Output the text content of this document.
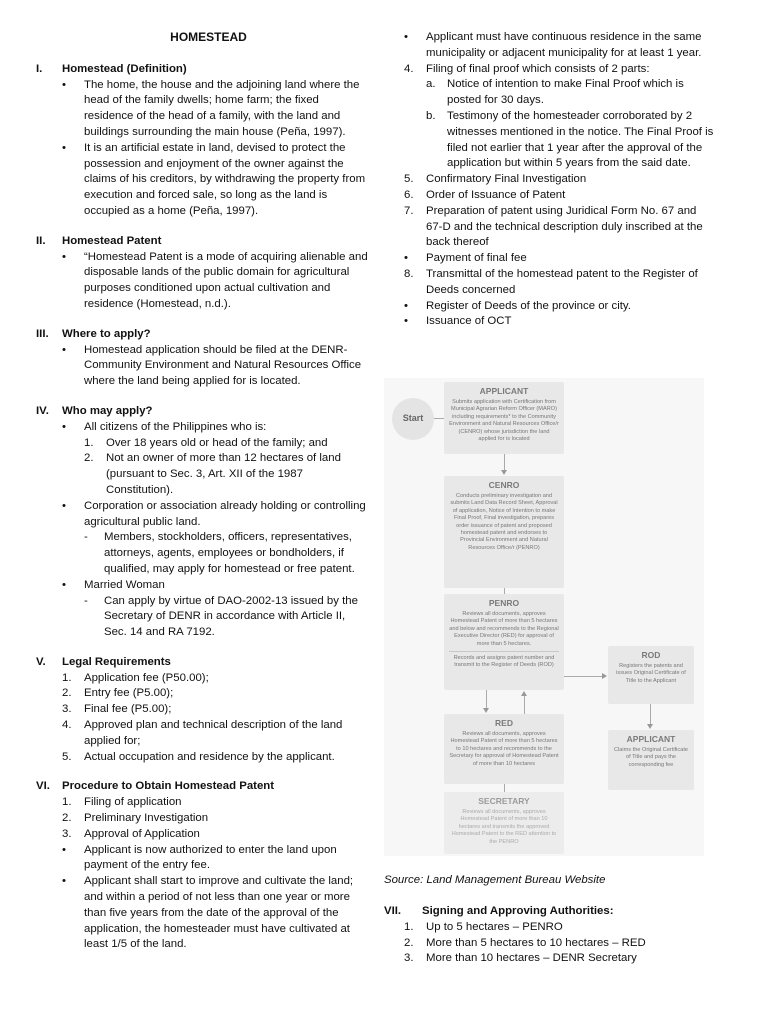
HOMESTEAD
I.	Homestead (Definition)
•	The home, the house and the adjoining land where the head of the family dwells; home farm; the fixed residence of the head of a family, with the land and buildings surrounding the main house (Peña, 1997).
•	It is an artificial estate in land, devised to protect the possession and enjoyment of the owner against the claims of his creditors, by withdrawing the property from execution and forced sale, so long as the land is occupied as a home (Peña, 1997).
II.	Homestead Patent
•	“Homestead Patent is a mode of acquiring alienable and disposable lands of the public domain for agricultural purposes conditioned upon actual cultivation and residence (Homestead, n.d.).
III.	Where to apply?
•	Homestead application should be filed at the DENR-Community Environment and Natural Resources Office where the land being applied for is located.
IV.	Who may apply?
•	All citizens of the Philippines who is:
1.	Over 18 years old or head of the family; and
2.	Not an owner of more than 12 hectares of land (pursuant to Sec. 3, Art. XII of the 1987 Constitution).
•	Corporation or association already holding or controlling agricultural public land.
-	Members, stockholders, officers, representatives, attorneys, agents, employees or bondholders, if qualified, may apply for homestead or free patent.
•	Married Woman
-	Can apply by virtue of DAO-2002-13 issued by the Secretary of DENR in accordance with Article II, Sec. 14 and RA 7192.
V.	Legal Requirements
1.	Application fee (P50.00);
2.	Entry fee (P5.00);
3.	Final fee (P5.00);
4.	Approved plan and technical description of the land applied for;
5.	Actual occupation and residence by the applicant.
VI.	Procedure to Obtain Homestead Patent
1.	Filing of application
2.	Preliminary Investigation
3.	Approval of Application
•	Applicant is now authorized to enter the land upon payment of the entry fee.
•	Applicant shall start to improve and cultivate the land; and within a period of not less than one year or more than five years from the date of the approval of the application, the homesteader must have cultivated at least 1/5 of the land.
•	Applicant must have continuous residence in the same municipality or adjacent municipality for at least 1 year.
4.	Filing of final proof which consists of 2 parts:
a.	Notice of intention to make Final Proof which is posted for 30 days.
b.	Testimony of the homesteader corroborated by 2 witnesses mentioned in the notice. The Final Proof is filed not earlier that 1 year after the approval of the application but within 5 years from the said date.
5.	Confirmatory Final Investigation
6.	Order of Issuance of Patent
7.	Preparation of patent using Juridical Form No. 67 and 67-D and the technical description duly inscribed at the back thereof
•	Payment of final fee
8.	Transmittal of the homestead patent to the Register of Deeds concerned
•	Register of Deeds of the province or city.
•	Issuance of OCT
Start
APPLICANT
Submits application with Certification from Municipal Agrarian Reform Officer (MARO) including requirements* to the Community Environment and Natural Resources Office/r (CENRO) whose jurisdiction the land applied for is located
CENRO
Conducts preliminary investigation and submits Land Data Record Sheet, Approval of application, Notice of Intention to make Final Proof, Final investigation, prepares order issuance of patent and proposed homestead patent and endorses to Provincial Environment and Natural Resources Office/r (PENRO)
PENRO
Reviews all documents, approves Homestead Patent of more than 5 hectares and below and recommends to the Regional Executive Director (RED) for approval of more than 5 hectares.
Records and assigns patent number and transmit to the Register of Deeds (ROD)
ROD
Registers the patents and issues Original Certificate of Title to the Applicant
APPLICANT
Claims the Original Certificate of Title and pays the corresponding fee
RED
Reviews all documents, approves Homestead Patent of more than 5 hectares to 10 hectares and recommends to the Secretary for approval of Homestead Patent of more than 10 hectares
SECRETARY
Reviews all documents, approves Homestead Patent of more than 10 hectares and transmits the approved Homestead Patent to the RED attention to the PENRO
Source: Land Management Bureau Website
VII.	Signing and Approving Authorities:
1.	Up to 5 hectares – PENRO
2.	More than 5 hectares to 10 hectares – RED
3.	More than 10 hectares – DENR Secretary
